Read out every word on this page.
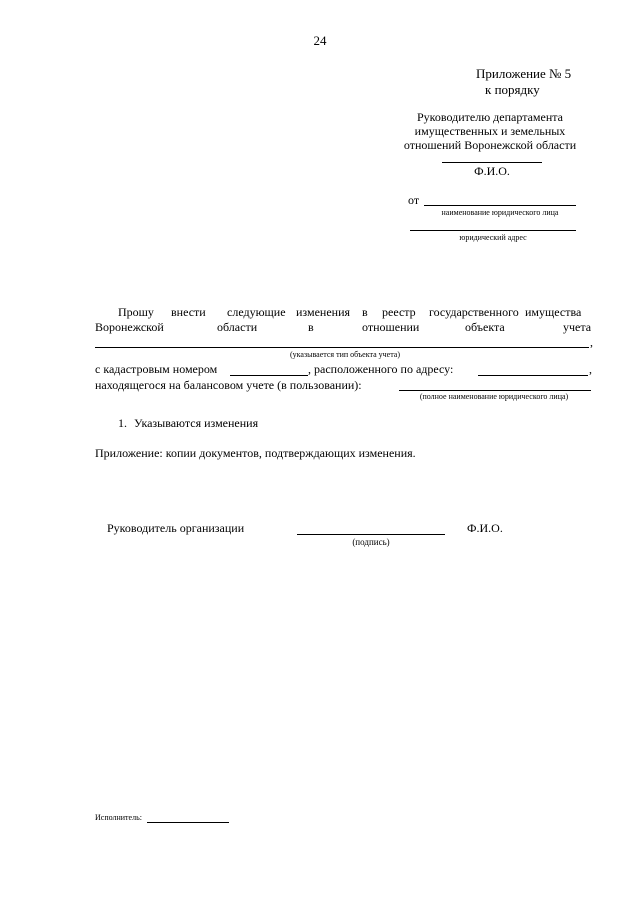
24
Приложение № 5
к порядку
Руководителю департамента
имущественных и земельных
отношений Воронежской области
Ф.И.О.
от
наименование юридического лица
юридический адрес
Прошу внести следующие изменения в реестр государственного имущества
Воронежской	области	в	отношении	объекта	учета
,
(указывается тип объекта учета)
с кадастровым номером	, расположенного по адресу:	,
находящегося на балансовом учете (в пользовании):
(полное наименование юридического лица)
1. Указываются изменения
Приложение: копии документов, подтверждающих изменения.
Руководитель организации
(подпись)
Ф.И.О.
Исполнитель:
